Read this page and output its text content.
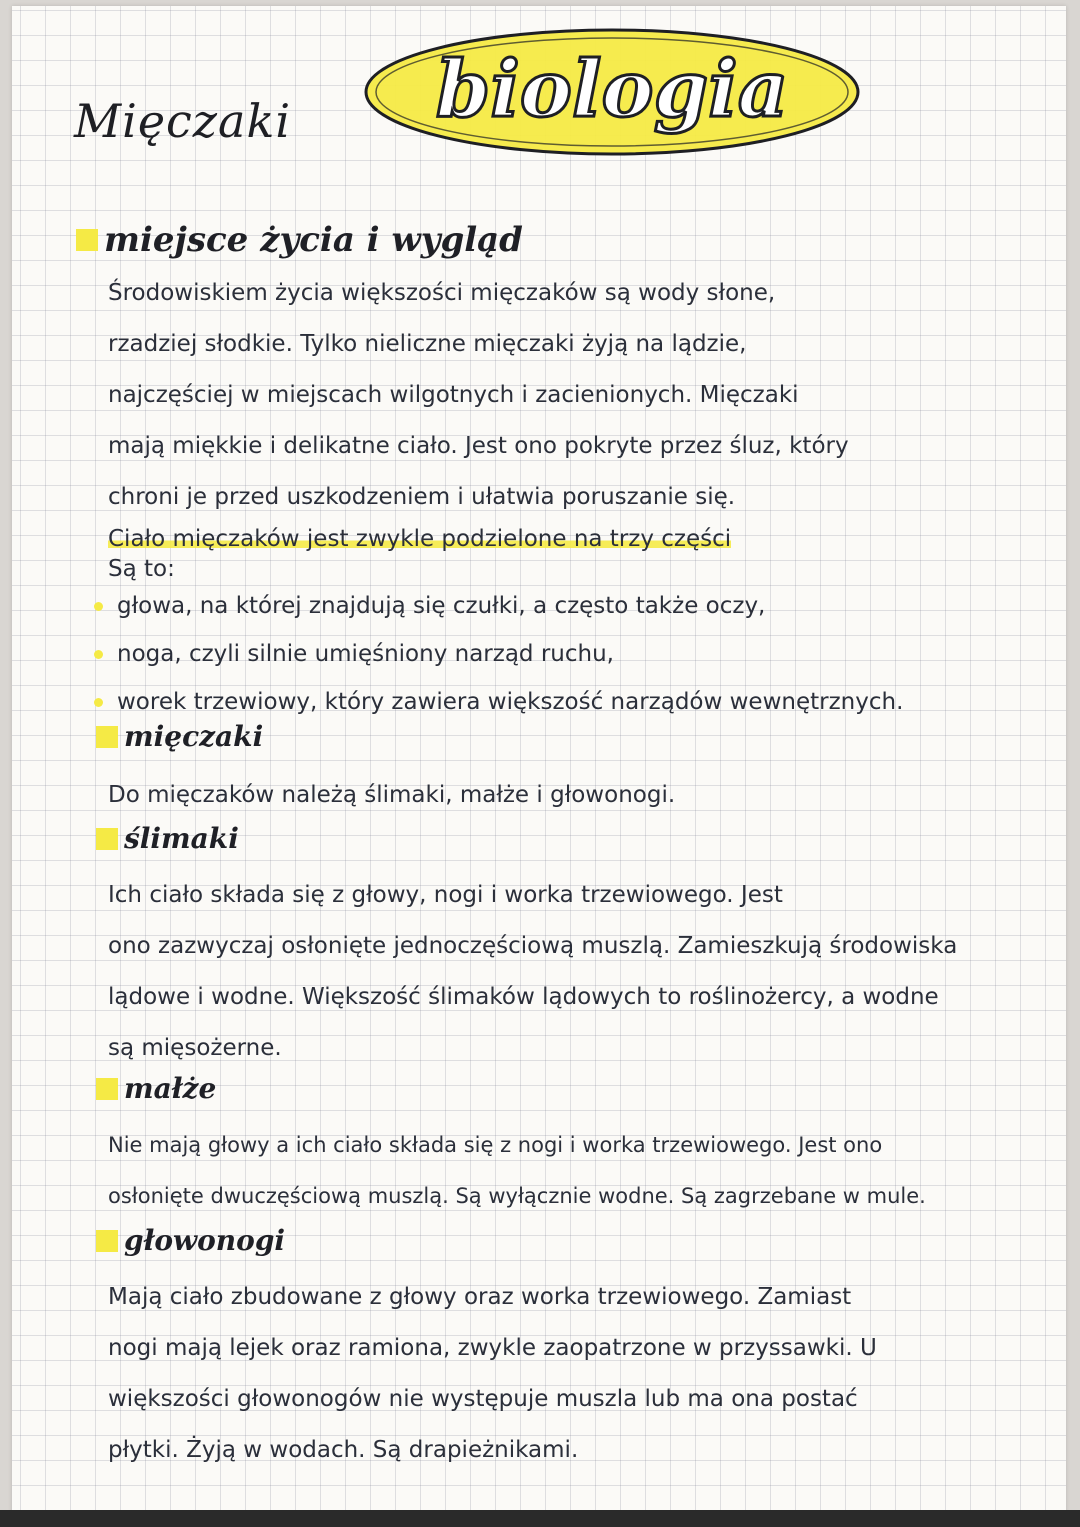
biologia
Mięczaki
miejsce życia i wygląd
Środowiskiem życia większości mięczaków są wody słone,
rzadziej słodkie. Tylko nieliczne mięczaki żyją na lądzie,
najczęściej w miejscach wilgotnych i zacienionych. Mięczaki
mają miękkie i delikatne ciało. Jest ono pokryte przez śluz, który
chroni je przed uszkodzeniem i ułatwia poruszanie się.
Ciało mięczaków jest zwykle podzielone na trzy części
Są to:
głowa, na której znajdują się czułki, a często także oczy,
noga, czyli silnie umięśniony narząd ruchu,
worek trzewiowy, który zawiera większość narządów wewnętrznych.
mięczaki
Do mięczaków należą ślimaki, małże i głowonogi.
ślimaki
Ich ciało składa się z głowy, nogi i worka trzewiowego. Jest
ono zazwyczaj osłonięte jednoczęściową muszlą. Zamieszkują środowiska
lądowe i wodne. Większość ślimaków lądowych to roślinożercy, a wodne
są mięsożerne.
małże
Nie mają głowy a ich ciało składa się z nogi i worka trzewiowego. Jest ono
osłonięte dwuczęściową muszlą. Są wyłącznie wodne. Są zagrzebane w mule.
głowonogi
Mają ciało zbudowane z głowy oraz worka trzewiowego. Zamiast
nogi mają lejek oraz ramiona, zwykle zaopatrzone w przyssawki. U
większości głowonogów nie występuje muszla lub ma ona postać
płytki. Żyją w wodach. Są drapieżnikami.
